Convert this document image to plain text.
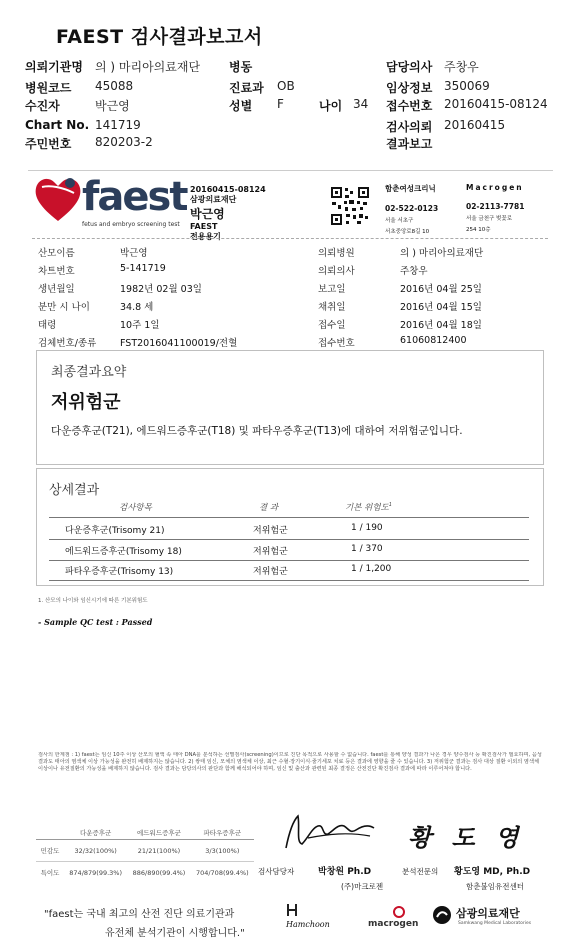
FAEST 검사결과보고서
의뢰기관명	의 ) 마리아의료재단
병원코드	45088
수진자	박근영
Chart No. 141719
주민번호	820203-2
병동
진료과	OB
성별	F	나이 34
담당의사 주창우
임상정보 350069
접수번호 20160415-08124
검사의뢰 20160415
결과보고
faest
fetus and embryo screening test
20160415-08124
삼광의료재단
박근영
FAEST
전용용기
함춘여성크리닉
02-522-0123
서울 서초구
서초중앙로8길 10
Macrogen
02-2113-7781
서울 금천구 벚꽃로
254 10층
산모이름	박근영
차트번호	5-141719
생년월일	1982년 02월 03일
분만 시 나이	34.8 세
태령	10주 1일
검체번호/종류 FST2016041100019/전혈
의뢰병원	의 ) 마리아의료재단
의뢰의사	주창우
보고일	2016년 04월 25일
채취일	2016년 04월 15일
접수일	2016년 04월 18일
접수번호	61060812400
최종결과요약
저위험군
다운증후군(T21), 에드워드증후군(T18) 및 파타우증후군(T13)에 대하여 저위험군입니다.
상세결과
검사항목	결 과	기본 위험도$^1$
다운증후군(Trisomy 21)	저위험군	1 / 190
에드워드증후군(Trisomy 18)	저위험군	1 / 370
파타우증후군(Trisomy 13)	저위험군	1 / 1,200
1. 산모의 나이와 임신시기에 따른 기본위험도
- Sample QC test : Passed
검사의 한계점 : 1) faest는 임신 10주 이상 산모의 혈액 속 태아 DNA를 분석하는 선별검사(screening)이므로 진단 목적으로 사용할 수 없습니다. faest를 통해 양성 결과가 나온 경우 양수검사 등 확진검사가 필요하며, 음성 결과도 태아의 염색체 이상 가능성을 완전히 배제하지는 않습니다. 2) 쌍태 임신, 모체의 염색체 이상, 최근 수혈·장기이식·줄기세포 치료 등은 결과에 영향을 줄 수 있습니다. 3) 저위험군 결과는 검사 대상 질환 이외의 염색체 이상이나 유전질환의 가능성을 배제하지 않습니다. 검사 결과는 담당의사의 판단과 함께 해석되어야 하며, 임신 및 출산과 관련된 최종 결정은 산전진단 확진검사 결과에 따라 이루어져야 합니다.
	다운증후군	에드워드증후군	파타우증후군
민감도	32/32(100%)	21/21(100%)	3/3(100%)
특이도	874/879(99.3%)	886/890(99.4%)	704/708(99.4%)
황 도 영
검사담당자	박창원 Ph.D
(주)마크로젠
분석전문의 황도영 MD, Ph.D
함춘불임유전센터
"faest는 국내 최고의 산전 진단 의료기관과
유전체 분석기관이 시행합니다."
Hamchoon	macrogen
삼광의료재단
Samkwang Medical Laboratories
